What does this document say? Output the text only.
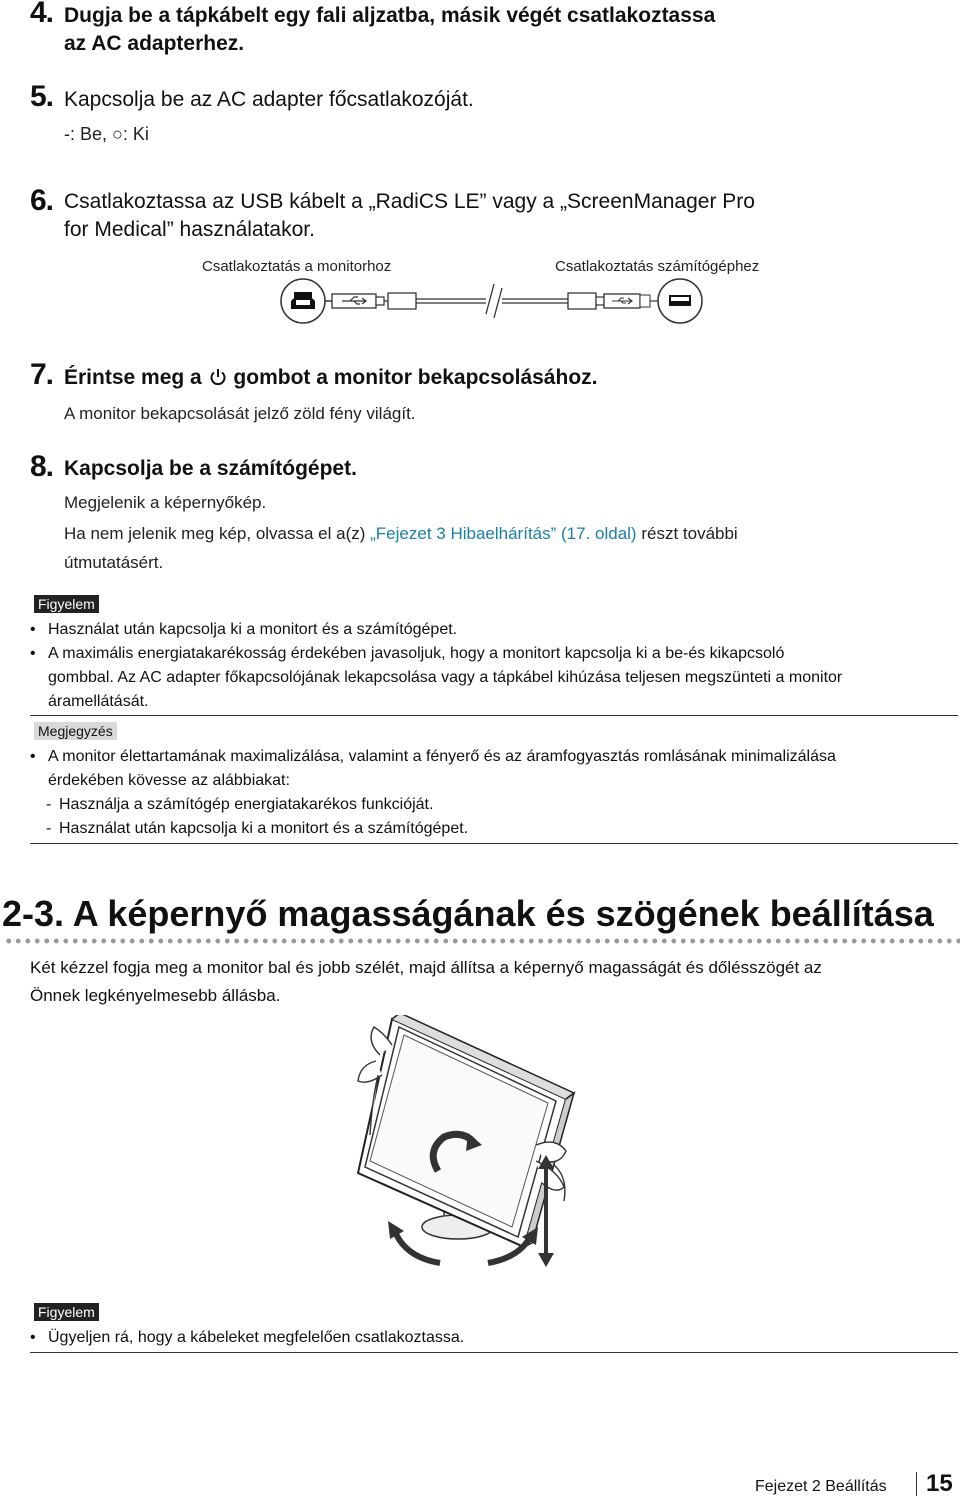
4. Dugja be a tápkábelt egy fali aljzatba, másik végét csatlakoztassa
az AC adapterhez.
5. Kapcsolja be az AC adapter főcsatlakozóját.
-: Be, ○: Ki
6. Csatlakoztassa az USB kábelt a „RadiCS LE” vagy a „ScreenManager Pro
for Medical” használatakor.
Csatlakoztatás a monitorhoz	Csatlakoztatás számítógéphez
7. Érintse meg a gombot a monitor bekapcsolásához.
A monitor bekapcsolását jelző zöld fény világít.
8. Kapcsolja be a számítógépet.
Megjelenik a képernyőkép.
Ha nem jelenik meg kép, olvassa el a(z) „Fejezet 3 Hibaelhárítás” (17. oldal) részt további
útmutatásért.
Figyelem
• Használat után kapcsolja ki a monitort és a számítógépet.
• A maximális energiatakarékosság érdekében javasoljuk, hogy a monitort kapcsolja ki a be-és kikapcsoló
gombbal. Az AC adapter főkapcsolójának lekapcsolása vagy a tápkábel kihúzása teljesen megszünteti a monitor
áramellátását.
Megjegyzés
• A monitor élettartamának maximalizálása, valamint a fényerő és az áramfogyasztás romlásának minimalizálása
érdekében kövesse az alábbiakat:
- Használja a számítógép energiatakarékos funkcióját.
- Használat után kapcsolja ki a monitort és a számítógépet.
2-3. A képernyő magasságának és szögének beállítása
Két kézzel fogja meg a monitor bal és jobb szélét, majd állítsa a képernyő magasságát és dőlésszögét az
Önnek legkényelmesebb állásba.
Figyelem
• Ügyeljen rá, hogy a kábeleket megfelelően csatlakoztassa.
Fejezet 2 Beállítás 15
